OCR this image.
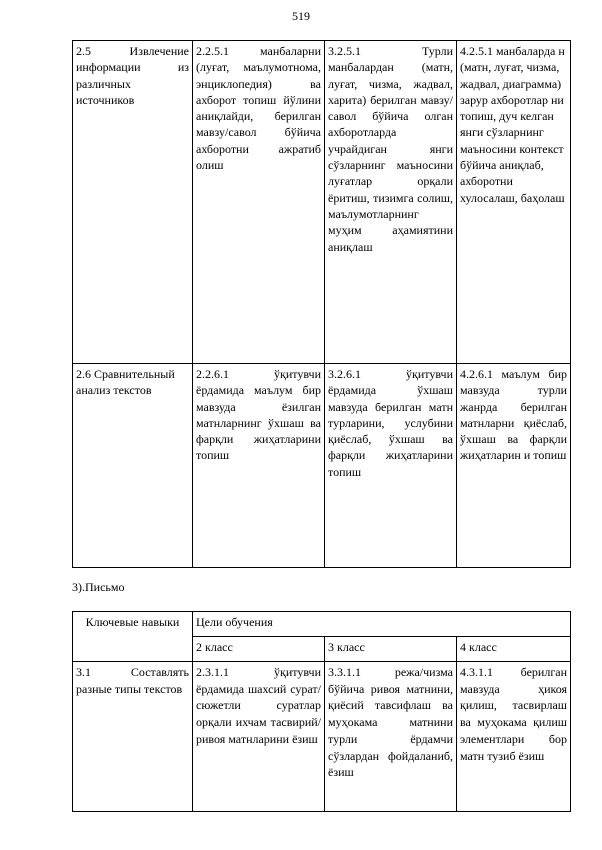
519
2.5 Извлечение информации из различных источников	2.2.5.1 манбаларни (луғат, маълумотнома, энциклопедия) ва ахборот топиш йўлини аниқлайди, берилган мавзу/савол бўйича ахборотни ажратиб олиш	3.2.5.1 Турли манбалардан (матн, луғат, чизма, жадвал, харита) берилган мавзу/савол бўйича олган ахборотларда учрайдиган янги сўзларнинг маъносини луғатлар орқали ёритиш, тизимга солиш, маълумотларнинг муҳим аҳамиятини аниқлаш	4.2.5.1 манбаларда н (матн, луғат, чизма, жадвал, диаграмма) зарур ахборотлар ни топиш, дуч келган янги сўзларнинг маъносини контекст бўйича аниқлаб, ахборотни хулосалаш, баҳолаш
2.6 Сравнительный анализ текстов	2.2.6.1 ўқитувчи ёрдамида маълум бир мавзуда ёзилган матнларнинг ўхшаш ва фарқли жиҳатларини топиш	3.2.6.1 ўқитувчи ёрдамида ўхшаш мавзуда берилган матн турларини, услубини қиёслаб, ўхшаш ва фарқли жиҳатларини топиш	4.2.6.1 маълум бир мавзуда турли жанрда берилган матнларни қиёслаб, ўхшаш ва фарқли жиҳатларин и топиш
3).Письмо
Ключевые навыки	Цели обучения		
	2 класс	3 класс	4 класс
3.1 Составлять разные типы текстов	2.3.1.1 ўқитувчи ёрдамида шахсий сурат/сюжетли суратлар орқали ихчам тасвирий/ривоя матнларини ёзиш	3.3.1.1 режа/чизма бўйича ривоя матнини, қиёсий тавсифлаш ва муҳокама матнини турли ёрдамчи сўзлардан фойдаланиб, ёзиш	4.3.1.1 берилган мавзуда ҳикоя қилиш, тасвирлаш ва муҳокама қилиш элементлари бор матн тузиб ёзиш
